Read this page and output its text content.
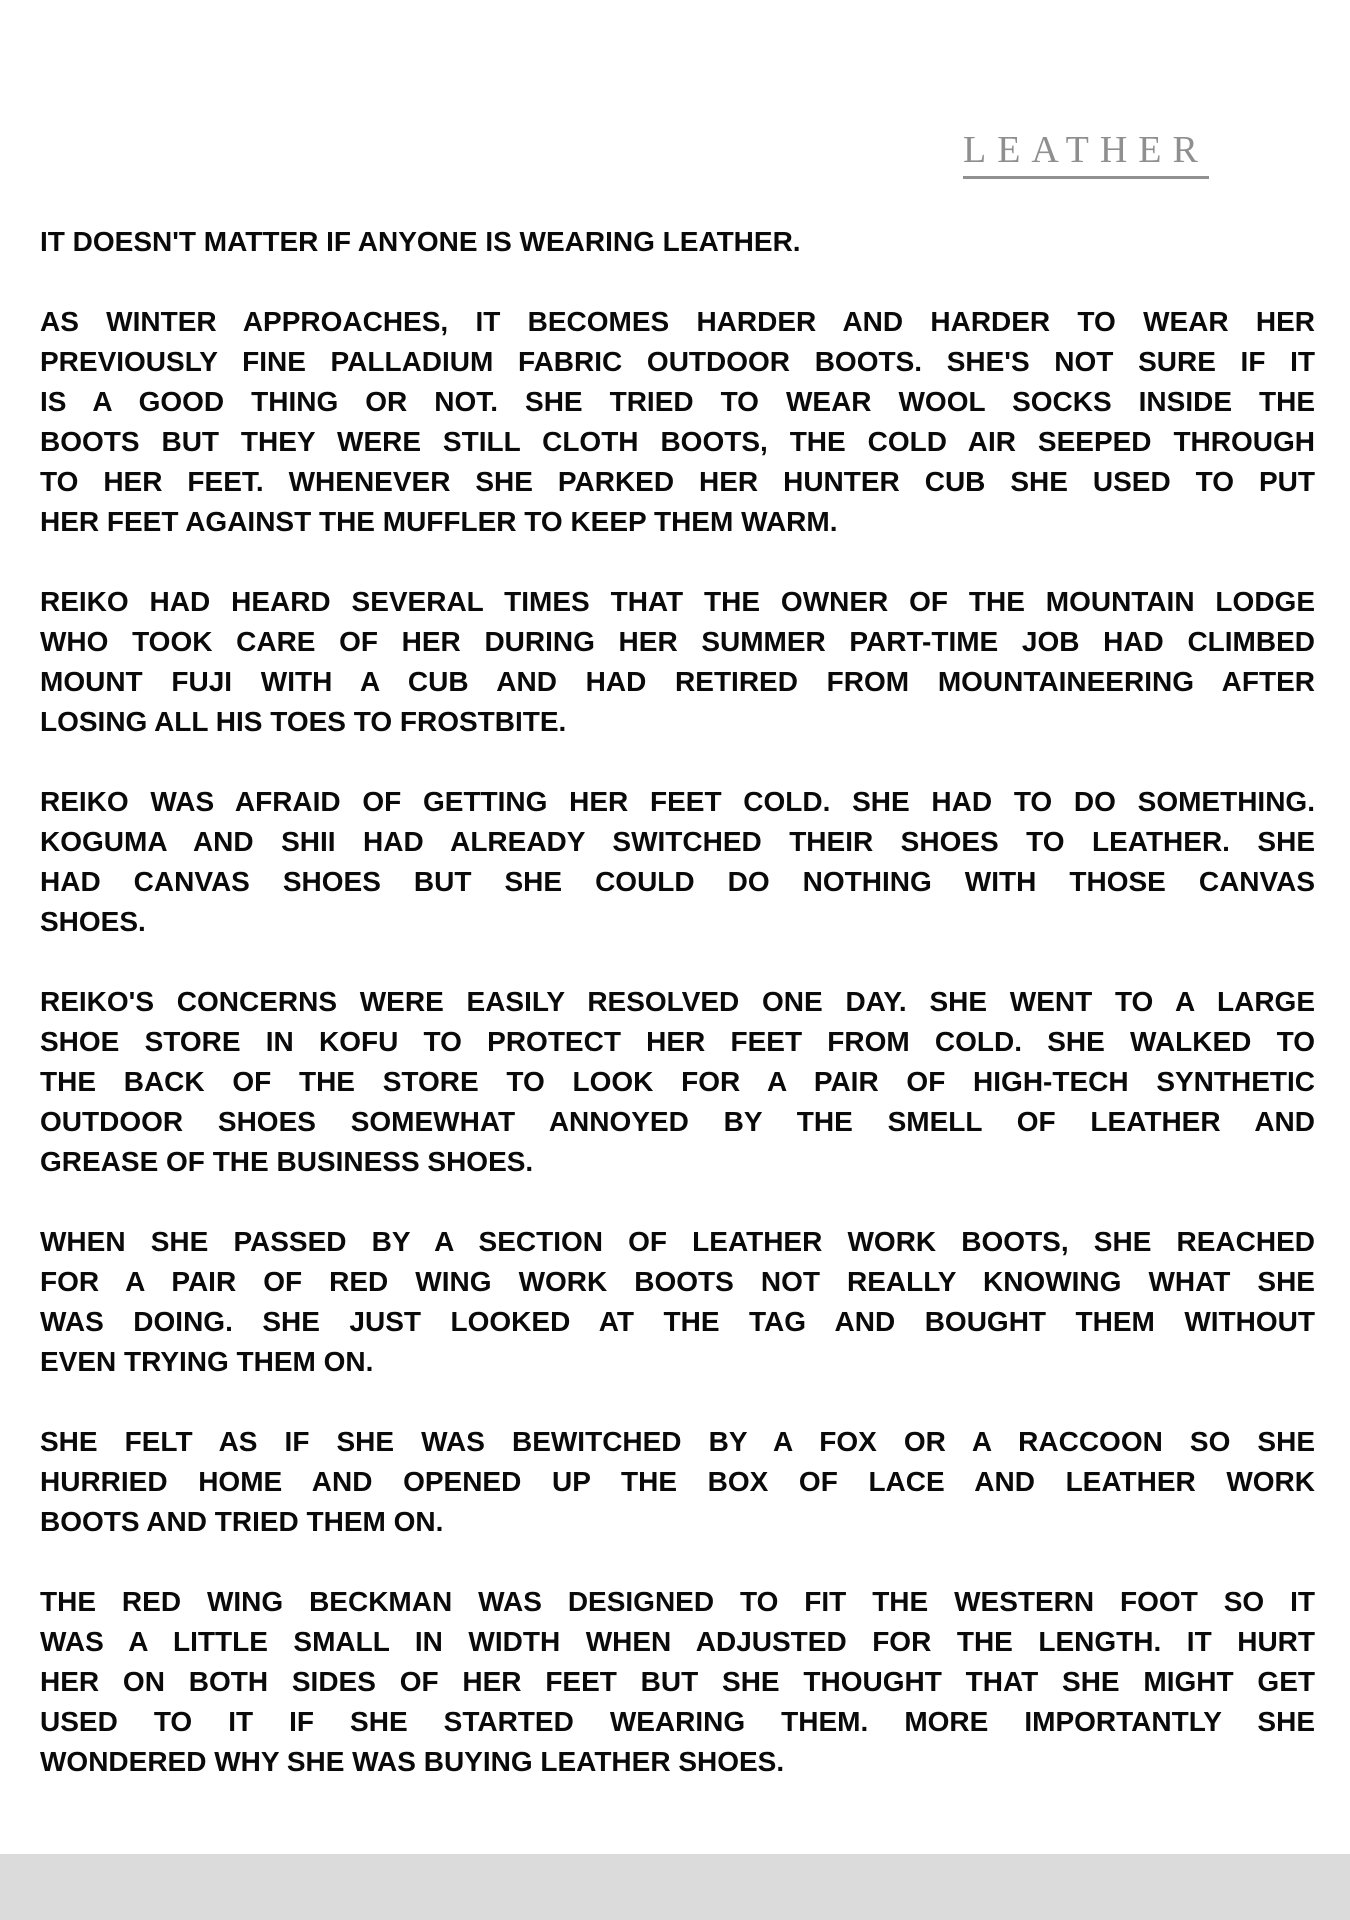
LEATHER
IT DOESN'T MATTER IF ANYONE IS WEARING LEATHER.
AS WINTER APPROACHES, IT BECOMES HARDER AND HARDER TO WEAR HER
PREVIOUSLY FINE PALLADIUM FABRIC OUTDOOR BOOTS. SHE'S NOT SURE IF IT
IS A GOOD THING OR NOT. SHE TRIED TO WEAR WOOL SOCKS INSIDE THE
BOOTS BUT THEY WERE STILL CLOTH BOOTS, THE COLD AIR SEEPED THROUGH
TO HER FEET. WHENEVER SHE PARKED HER HUNTER CUB SHE USED TO PUT
HER FEET AGAINST THE MUFFLER TO KEEP THEM WARM.
REIKO HAD HEARD SEVERAL TIMES THAT THE OWNER OF THE MOUNTAIN LODGE
WHO TOOK CARE OF HER DURING HER SUMMER PART-TIME JOB HAD CLIMBED
MOUNT FUJI WITH A CUB AND HAD RETIRED FROM MOUNTAINEERING AFTER
LOSING ALL HIS TOES TO FROSTBITE.
REIKO WAS AFRAID OF GETTING HER FEET COLD. SHE HAD TO DO SOMETHING.
KOGUMA AND SHII HAD ALREADY SWITCHED THEIR SHOES TO LEATHER. SHE
HAD CANVAS SHOES BUT SHE COULD DO NOTHING WITH THOSE CANVAS
SHOES.
REIKO'S CONCERNS WERE EASILY RESOLVED ONE DAY. SHE WENT TO A LARGE
SHOE STORE IN KOFU TO PROTECT HER FEET FROM COLD. SHE WALKED TO
THE BACK OF THE STORE TO LOOK FOR A PAIR OF HIGH-TECH SYNTHETIC
OUTDOOR SHOES SOMEWHAT ANNOYED BY THE SMELL OF LEATHER AND
GREASE OF THE BUSINESS SHOES.
WHEN SHE PASSED BY A SECTION OF LEATHER WORK BOOTS, SHE REACHED
FOR A PAIR OF RED WING WORK BOOTS NOT REALLY KNOWING WHAT SHE
WAS DOING. SHE JUST LOOKED AT THE TAG AND BOUGHT THEM WITHOUT
EVEN TRYING THEM ON.
SHE FELT AS IF SHE WAS BEWITCHED BY A FOX OR A RACCOON SO SHE
HURRIED HOME AND OPENED UP THE BOX OF LACE AND LEATHER WORK
BOOTS AND TRIED THEM ON.
THE RED WING BECKMAN WAS DESIGNED TO FIT THE WESTERN FOOT SO IT
WAS A LITTLE SMALL IN WIDTH WHEN ADJUSTED FOR THE LENGTH. IT HURT
HER ON BOTH SIDES OF HER FEET BUT SHE THOUGHT THAT SHE MIGHT GET
USED TO IT IF SHE STARTED WEARING THEM. MORE IMPORTANTLY SHE
WONDERED WHY SHE WAS BUYING LEATHER SHOES.
